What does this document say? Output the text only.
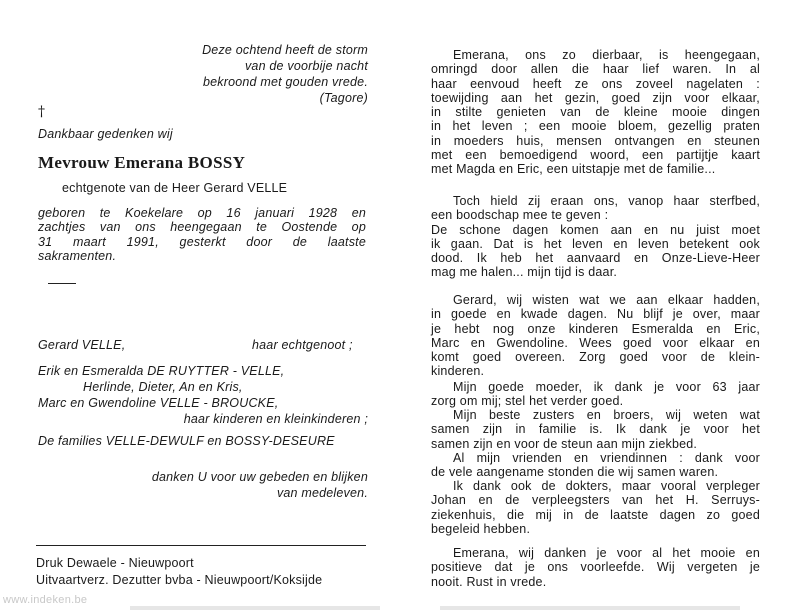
Deze ochtend heeft de storm
van de voorbije nacht
bekroond met gouden vrede.
(Tagore)
†
Dankbaar gedenken wij
Mevrouw Emerana BOSSY
echtgenote van de Heer Gerard VELLE
geboren te Koekelare op 16 januari 1928 en
zachtjes van ons heengegaan te Oostende op
31 maart 1991, gesterkt door de laatste
sakramenten.
Gerard VELLE,	haar echtgenoot ;
Erik en Esmeralda DE RUYTTER - VELLE,
Herlinde, Dieter, An en Kris,
Marc en Gwendoline VELLE - BROUCKE,
haar kinderen en kleinkinderen ;
De families VELLE-DEWULF en BOSSY-DESEURE
danken U voor uw gebeden en blijken
van medeleven.
Druk Dewaele - Nieuwpoort
Uitvaartverz. Dezutter bvba - Nieuwpoort/Koksijde
Emerana, ons zo dierbaar, is heengegaan,
omringd door allen die haar lief waren. In al
haar eenvoud heeft ze ons zoveel nagelaten :
toewijding aan het gezin, goed zijn voor elkaar,
in stilte genieten van de kleine mooie dingen
in het leven ; een mooie bloem, gezellig praten
in moeders huis, mensen ontvangen en steunen
met een bemoedigend woord, een partijtje kaart
met Magda en Eric, een uitstapje met de familie...
Toch hield zij eraan ons, vanop haar sterfbed,
een boodschap mee te geven :
De schone dagen komen aan en nu juist moet
ik gaan. Dat is het leven en leven betekent ook
dood. Ik heb het aanvaard en Onze-Lieve-Heer
mag me halen... mijn tijd is daar.
Gerard, wij wisten wat we aan elkaar hadden,
in goede en kwade dagen. Nu blijf je over, maar
je hebt nog onze kinderen Esmeralda en Eric,
Marc en Gwendoline. Wees goed voor elkaar en
komt goed overeen. Zorg goed voor de klein-
kinderen.
Mijn goede moeder, ik dank je voor 63 jaar
zorg om mij; stel het verder goed.
Mijn beste zusters en broers, wij weten wat
samen zijn in familie is. Ik dank je voor het
samen zijn en voor de steun aan mijn ziekbed.
Al mijn vrienden en vriendinnen : dank voor
de vele aangename stonden die wij samen waren.
Ik dank ook de dokters, maar vooral verpleger
Johan en de verpleegsters van het H. Serruys-
ziekenhuis, die mij in de laatste dagen zo goed
begeleid hebben.
Emerana, wij danken je voor al het mooie en
positieve dat je ons voorleefde. Wij vergeten je
nooit. Rust in vrede.
www.indeken.be
